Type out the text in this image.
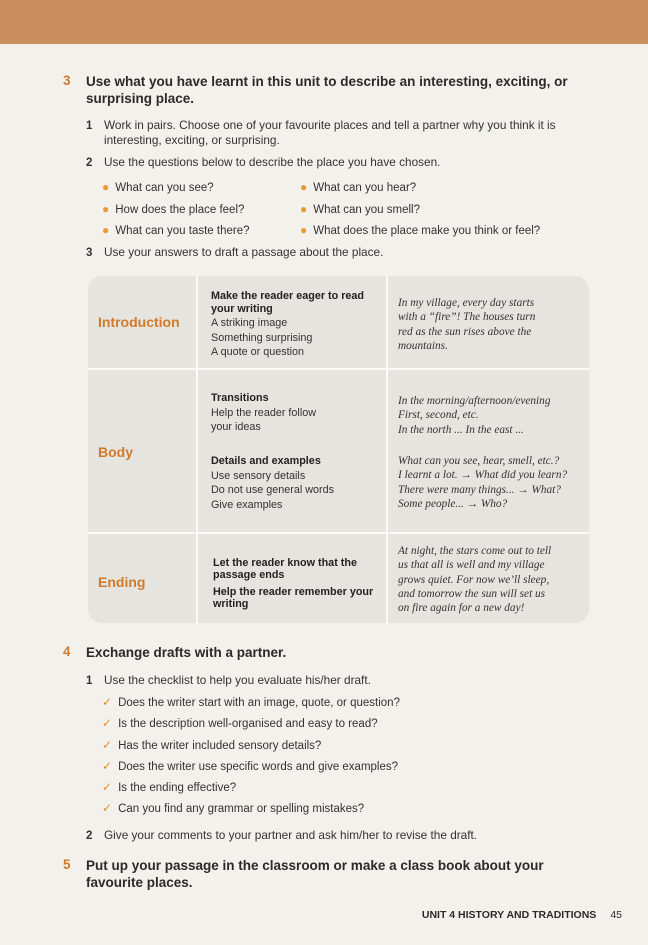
3 Use what you have learnt in this unit to describe an interesting, exciting, or
surprising place.
1 Work in pairs. Choose one of your favourite places and tell a partner why you think it is
interesting, exciting, or surprising.
2 Use the questions below to describe the place you have chosen.
● What can you see?
● How does the place feel?
● What can you taste there?
● What can you hear?
● What can you smell?
● What does the place make you think or feel?
3 Use your answers to draft a passage about the place.
Introduction
Make the reader eager to read
your writing
A striking image
Something surprising
A quote or question
In my village, every day starts
with a “fire”! The houses turn
red as the sun rises above the
mountains.
Body
Transitions
Help the reader follow
your ideas
Details and examples
Use sensory details
Do not use general words
Give examples
In the morning/afternoon/evening
First, second, etc.
In the north ... In the east ...
What can you see, hear, smell, etc.?
I learnt a lot. → What did you learn?
There were many things... → What?
Some people... → Who?
Ending
Let the reader know that the
passage ends
Help the reader remember your
writing
At night, the stars come out to tell
us that all is well and my village
grows quiet. For now we’ll sleep,
and tomorrow the sun will set us
on fire again for a new day!
4 Exchange drafts with a partner.
1 Use the checklist to help you evaluate his/her draft.
✓ Does the writer start with an image, quote, or question?
✓ Is the description well-organised and easy to read?
✓ Has the writer included sensory details?
✓ Does the writer use specific words and give examples?
✓ Is the ending effective?
✓ Can you find any grammar or spelling mistakes?
2 Give your comments to your partner and ask him/her to revise the draft.
5 Put up your passage in the classroom or make a class book about your
favourite places.
UNIT 4 HISTORY AND TRADITIONS 45
